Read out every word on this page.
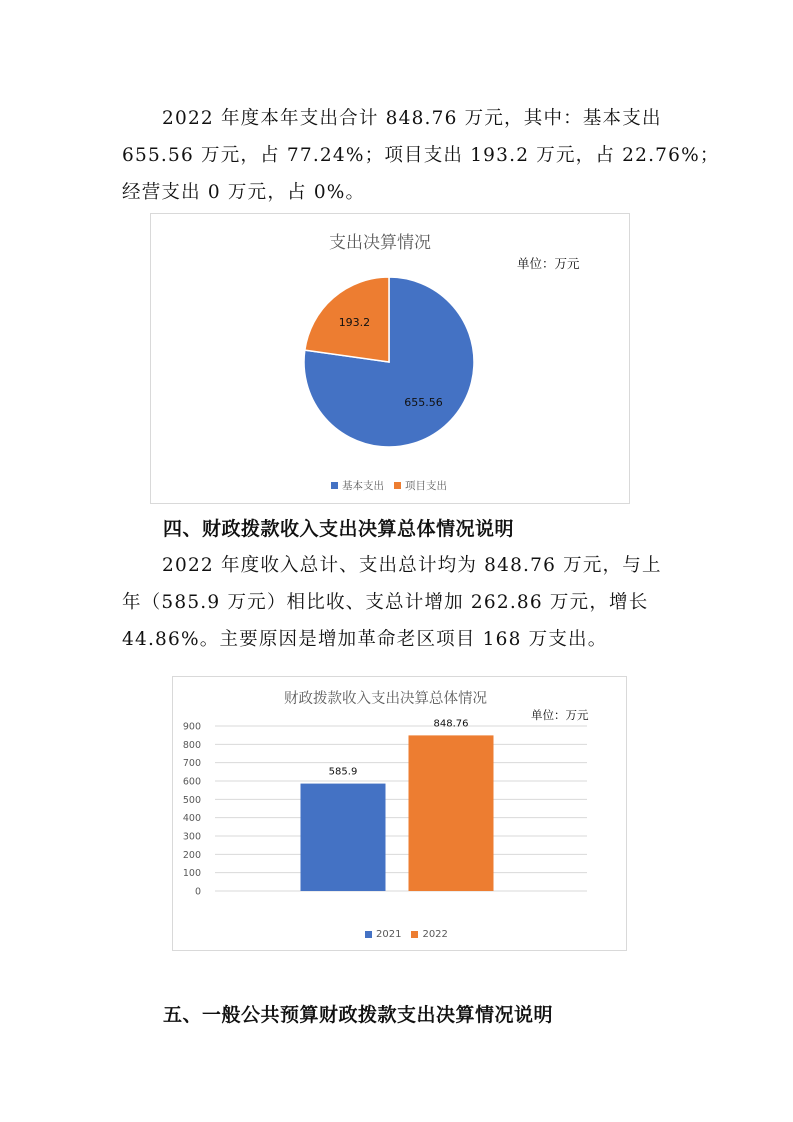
2022 年度本年支出合计 848.76 万元，其中：基本支出
655.56 万元，占 77.24%；项目支出 193.2 万元，占 22.76%；
经营支出 0 万元，占 0%。
支出决算情况
单位：万元
655.56
193.2
基本支出 项目支出
四、财政拨款收入支出决算总体情况说明
2022 年度收入总计、支出总计均为 848.76 万元，与上
年（585.9 万元）相比收、支总计增加 262.86 万元，增长
44.86%。主要原因是增加革命老区项目 168 万支出。
财政拨款收入支出决算总体情况
单位：万元
0
100
200
300
400
500
600
700
800
900
585.9
848.76
2021 2022
五、一般公共预算财政拨款支出决算情况说明
